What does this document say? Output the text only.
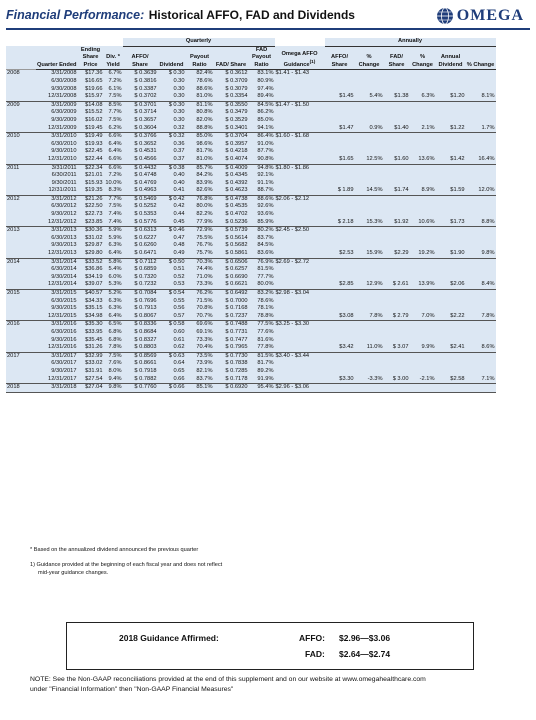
Financial Performance: Historical AFFO, FAD and Dividends	OMEGA
				Quarterly						Annually					
	Quarter Ended	Ending Share Price	Div. * Yield	AFFO/ Share	Dividend	Payout Ratio	FAD/ Share	FAD Payout Ratio	Omega AFFO Guidance$^{(1)}$	AFFO/ Share	% Change	FAD/ Share	% Change	Annual Dividend	% Change
2008	3/31/2008	$17.36	6.7%	$ 0.3639	$ 0.30	82.4%	$ 0.3612	83.1%	$1.41 - $1.43						
	6/30/2008	$16.65	7.2%	$ 0.3816	0.30	78.6%	$ 0.3709	80.9%							
	9/30/2008	$19.66	6.1%	$ 0.3387	0.30	88.6%	$ 0.3079	97.4%							
	12/31/2008	$15.97	7.5%	$ 0.3702	0.30	81.0%	$ 0.3354	89.4%		$1.45	5.4%	$1.38	6.3%	$1.20	8.1%
2009	3/31/2009	$14.08	8.5%	$ 0.3701	$ 0.30	81.1%	$ 0.3550	84.5%	$1.47 - $1.50						
	6/30/2009	$15.52	7.7%	$ 0.3714	0.30	80.8%	$ 0.3479	86.2%							
	9/30/2009	$16.02	7.5%	$ 0.3657	0.30	82.0%	$ 0.3529	85.0%							
	12/31/2009	$19.45	6.2%	$ 0.3604	0.32	88.8%	$ 0.3401	94.1%		$1.47	0.9%	$1.40	2.1%	$1.22	1.7%
2010	3/31/2010	$19.49	6.6%	$ 0.3766	$ 0.32	85.0%	$ 0.3704	86.4%	$1.60 - $1.68						
	6/30/2010	$19.93	6.4%	$ 0.3652	0.36	98.6%	$ 0.3957	91.0%							
	9/30/2010	$22.45	6.4%	$ 0.4531	0.37	81.7%	$ 0.4218	87.7%							
	12/31/2010	$22.44	6.6%	$ 0.4566	0.37	81.0%	$ 0.4074	90.8%		$1.65	12.5%	$1.60	13.6%	$1.42	16.4%
2011	3/31/2011	$22.34	6.6%	$ 0.4432	$ 0.38	85.7%	$ 0.4009	94.8%	$1.80 - $1.86						
	6/30/2011	$21.01	7.2%	$ 0.4748	0.40	84.2%	$ 0.4345	92.1%							
	9/30/2011	$15.93	10.0%	$ 0.4769	0.40	83.9%	$ 0.4392	91.1%							
	12/31/2011	$19.35	8.3%	$ 0.4963	0.41	82.6%	$ 0.4623	88.7%		$ 1.89	14.5%	$1.74	8.9%	$1.59	12.0%
2012	3/31/2012	$21.26	7.7%	$ 0.5469	$ 0.42	76.8%	$ 0.4738	88.6%	$2.06 - $2.12						
	6/30/2012	$22.50	7.5%	$ 0.5252	0.42	80.0%	$ 0.4535	92.6%							
	9/30/2012	$22.73	7.4%	$ 0.5353	0.44	82.2%	$ 0.4702	93.6%							
	12/31/2012	$23.85	7.4%	$ 0.5776	0.45	77.9%	$ 0.5236	85.9%		$ 2.18	15.3%	$1.92	10.6%	$1.73	8.8%
2013	3/31/2013	$30.36	5.9%	$ 0.6313	$ 0.46	72.9%	$ 0.5739	80.2%	$2.45 - $2.50						
	6/30/2013	$31.02	5.9%	$ 0.6227	0.47	75.5%	$ 0.5614	83.7%							
	9/30/2013	$29.87	6.3%	$ 0.6260	0.48	76.7%	$ 0.5682	84.5%							
	12/31/2013	$29.80	6.4%	$ 0.6471	0.49	75.7%	$ 0.5861	83.6%		$2.53	15.9%	$2.29	19.2%	$1.90	9.8%
2014	3/31/2014	$33.52	5.8%	$ 0.7112	$ 0.50	70.3%	$ 0.6506	76.9%	$2.69 - $2.72						
	6/30/2014	$36.86	5.4%	$ 0.6859	0.51	74.4%	$ 0.6257	81.5%							
	9/30/2014	$34.19	6.0%	$ 0.7320	0.52	71.0%	$ 0.6690	77.7%							
	12/31/2014	$39.07	5.3%	$ 0.7232	0.53	73.3%	$ 0.6621	80.0%		$2.85	12.9%	$ 2.61	13.9%	$2.06	8.4%
2015	3/31/2015	$40.57	5.2%	$ 0.7084	$ 0.54	76.2%	$ 0.6492	83.2%	$2.98 - $3.04						
	6/30/2015	$34.33	6.3%	$ 0.7696	0.55	71.5%	$ 0.7000	78.6%							
	9/30/2015	$35.15	6.3%	$ 0.7913	0.56	70.8%	$ 0.7168	78.1%							
	12/31/2015	$34.98	6.4%	$ 0.8067	0.57	70.7%	$ 0.7237	78.8%		$3.08	7.8%	$ 2.79	7.0%	$2.22	7.8%
2016	3/31/2016	$35.30	6.5%	$ 0.8336	$ 0.58	69.6%	$ 0.7488	77.5%	$3.25 - $3.30						
	6/30/2016	$33.95	6.8%	$ 0.8684	0.60	69.1%	$ 0.7731	77.6%							
	9/30/2016	$35.45	6.8%	$ 0.8327	0.61	73.3%	$ 0.7477	81.6%							
	12/31/2016	$31.26	7.8%	$ 0.8803	0.62	70.4%	$ 0.7965	77.8%		$3.42	11.0%	$ 3.07	9.9%	$2.41	8.6%
2017	3/31/2017	$32.99	7.5%	$ 0.8569	$ 0.63	73.5%	$ 0.7730	81.5%	$3.40 - $3.44						
	6/30/2017	$33.02	7.6%	$ 0.8661	0.64	73.9%	$ 0.7838	81.7%							
	9/30/2017	$31.91	8.0%	$ 0.7918	0.65	82.1%	$ 0.7285	89.2%							
	12/31/2017	$27.54	9.4%	$ 0.7882	0.66	83.7%	$ 0.7178	91.9%		$3.30	-3.3%	$ 3.00	-2.1%	$2.58	7.1%
2018	3/31/2018	$27.04	9.8%	$ 0.7760	$ 0.66	85.1%	$ 0.6920	95.4%	$2.96 - $3.06						
* Based on the annualized dividend announced the previous quarter
1) Guidance provided at the beginning of each fiscal year and does not reflect
mid-year guidance changes.
2018 Guidance Affirmed:	AFFO: $2.96—$3.06
FAD: $2.64—$2.74
NOTE: See the Non-GAAP reconciliations provided at the end of this supplement and on our website at www.omegahealthcare.com
under "Financial Information" then "Non-GAAP Financial Measures"
